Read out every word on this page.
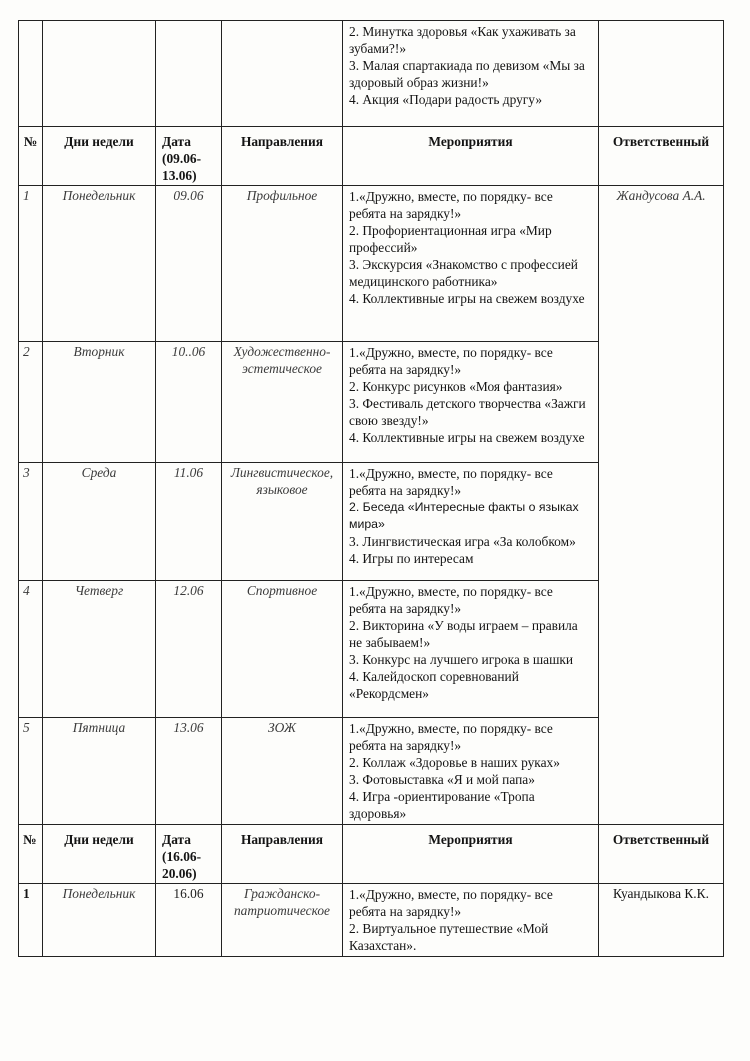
				2. Минутка здоровья «Как ухаживать за зубами?!»
3. Малая спартакиада по девизом «Мы за здоровый образ жизни!»
4. Акция «Подари радость другу»	

№	Дни недели	Дата (09.06-13.06)	Направления	Мероприятия	Ответственный
1	Понедельник	09.06	Профильное	1.«Дружно, вместе, по порядку- все ребята на зарядку!»
2. Профориентационная игра «Мир профессий»
3. Экскурсия «Знакомство с профессией медицинского работника»
4. Коллективные игры на свежем воздухе	Жандусова А.А.
2	Вторник	10..06	Художественно-эстетическое	1.«Дружно, вместе, по порядку- все ребята на зарядку!»
2. Конкурс рисунков «Моя фантазия»
3. Фестиваль детского творчества «Зажги свою звезду!»
4. Коллективные игры на свежем воздухе	

3	Среда	11.06	Лингвистическое, языковое	1.«Дружно, вместе, по порядку- все ребята на зарядку!»
2. Беседа «Интересные факты о языках мира»
3. Лингвистическая игра «За колобком»
4. Игры по интересам	

4	Четверг	12.06	Спортивное	1.«Дружно, вместе, по порядку- все ребята на зарядку!»
2. Викторина «У воды играем – правила не забываем!»
3. Конкурс на лучшего игрока в шашки
4. Калейдоскоп соревнований «Рекордсмен»	

5	Пятница	13.06	ЗОЖ	1.«Дружно, вместе, по порядку- все ребята на зарядку!»
2. Коллаж «Здоровье в наших руках»
3. Фотовыставка «Я и мой папа»
4. Игра -ориентирование «Тропа здоровья»	

№	Дни недели	Дата (16.06-20.06)	Направления	Мероприятия	Ответственный
1	Понедельник	16.06	Гражданско-патриотическое	1.«Дружно, вместе, по порядку- все ребята на зарядку!»
2. Виртуальное путешествие «Мой Казахстан».	Куандыкова К.К.
